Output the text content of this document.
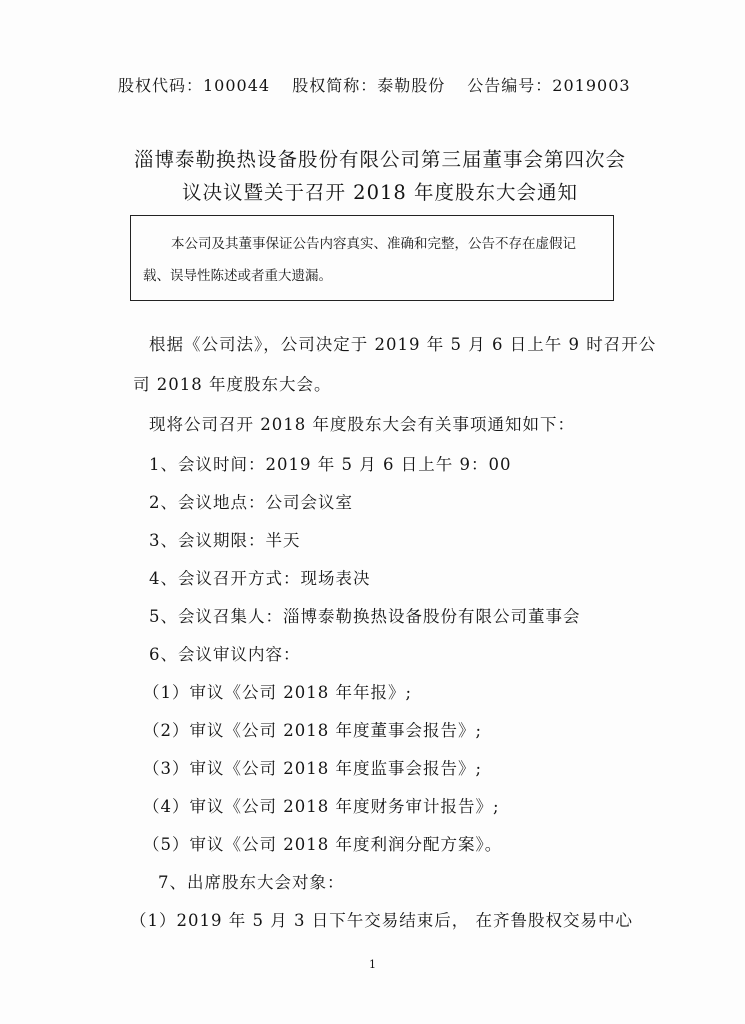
股权代码：100044 股权简称：泰勒股份 公告编号：2019003
淄博泰勒换热设备股份有限公司第三届董事会第四次会
议决议暨关于召开 2018 年度股东大会通知
本公司及其董事保证公告内容真实、准确和完整，公告不存在虚假记
载、误导性陈述或者重大遗漏。
根据《公司法》，公司决定于 2019 年 5 月 6 日上午 9 时召开公
司 2018 年度股东大会。
现将公司召开 2018 年度股东大会有关事项通知如下：
1、会议时间：2019 年 5 月 6 日上午 9：00
2、会议地点：公司会议室
3、会议期限：半天
4、会议召开方式：现场表决
5、会议召集人：淄博泰勒换热设备股份有限公司董事会
6、会议审议内容：
（1）审议《公司 2018 年年报》;
（2）审议《公司 2018 年度董事会报告》;
（3）审议《公司 2018 年度监事会报告》;
（4）审议《公司 2018 年度财务审计报告》;
（5）审议《公司 2018 年度利润分配方案》。
7、出席股东大会对象：
（1）2019 年 5 月 3 日下午交易结束后， 在齐鲁股权交易中心
1
